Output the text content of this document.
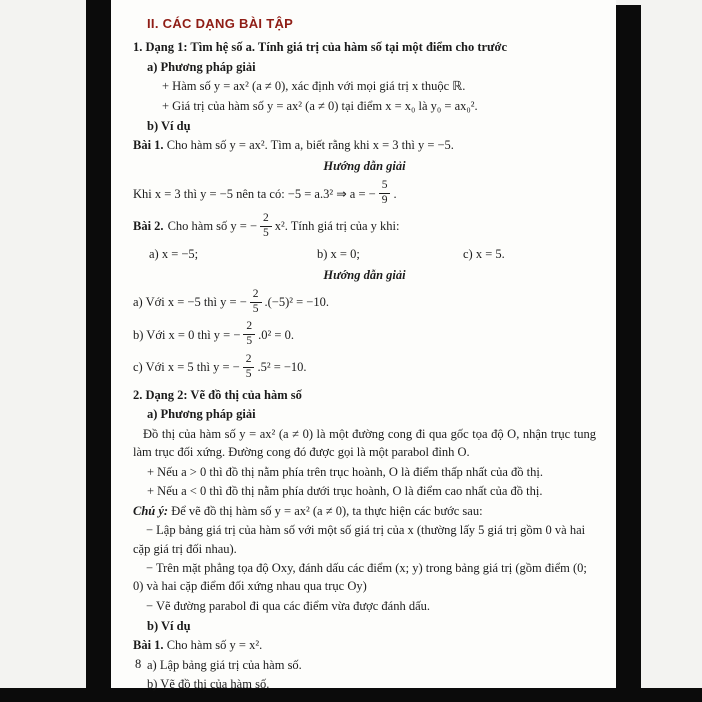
II. CÁC DẠNG BÀI TẬP

1. Dạng 1: Tìm hệ số a. Tính giá trị của hàm số tại một điểm cho trước

a) Phương pháp giải

+ Hàm số y = ax² (a ≠ 0), xác định với mọi giá trị x thuộc ℝ.

+ Giá trị của hàm số y = ax² (a ≠ 0) tại điểm x = x₀ là y₀ = ax₀².

b) Ví dụ

Bài 1. Cho hàm số y = ax². Tìm a, biết rằng khi x = 3 thì y = −5.

Hướng dẫn giải

Khi x = 3 thì y = −5 nên ta có: −5 = a.3² ⇒ a = − $\frac{5}{9}$ .

Bài 2. Cho hàm số y = − $\frac{2}{5} x^2$. Tính giá trị của y khi:

a) x = −5;	b) x = 0;	c) x = 5.

Hướng dẫn giải

a) Với x = −5 thì y = − $\frac{2}{5} .(-5)^2 = -10$.

b) Với x = 0 thì y = − $\frac{2}{5} .0^2 = 0$.

c) Với x = 5 thì y = − $\frac{2}{5} .5^2 = -10$.

2. Dạng 2: Vẽ đồ thị của hàm số

a) Phương pháp giải

Đồ thị của hàm số y = ax² (a ≠ 0) là một đường cong đi qua gốc tọa độ O, nhận trục tung làm trục đối xứng. Đường cong đó được gọi là một parabol đỉnh O.

+ Nếu a > 0 thì đồ thị nằm phía trên trục hoành, O là điểm thấp nhất của đồ thị.

+ Nếu a < 0 thì đồ thị nằm phía dưới trục hoành, O là điểm cao nhất của đồ thị.

Chú ý: Để vẽ đồ thị hàm số y = ax² (a ≠ 0), ta thực hiện các bước sau:

− Lập bảng giá trị của hàm số với một số giá trị của x (thường lấy 5 giá trị gồm 0 và hai cặp giá trị đối nhau).

− Trên mặt phẳng tọa độ Oxy, đánh dấu các điểm (x; y) trong bảng giá trị (gồm điểm (0; 0) và hai cặp điểm đối xứng nhau qua trục Oy)

− Vẽ đường parabol đi qua các điểm vừa được đánh dấu.

b) Ví dụ

Bài 1. Cho hàm số y = x².

a) Lập bảng giá trị của hàm số.

b) Vẽ đồ thị của hàm số.

8
